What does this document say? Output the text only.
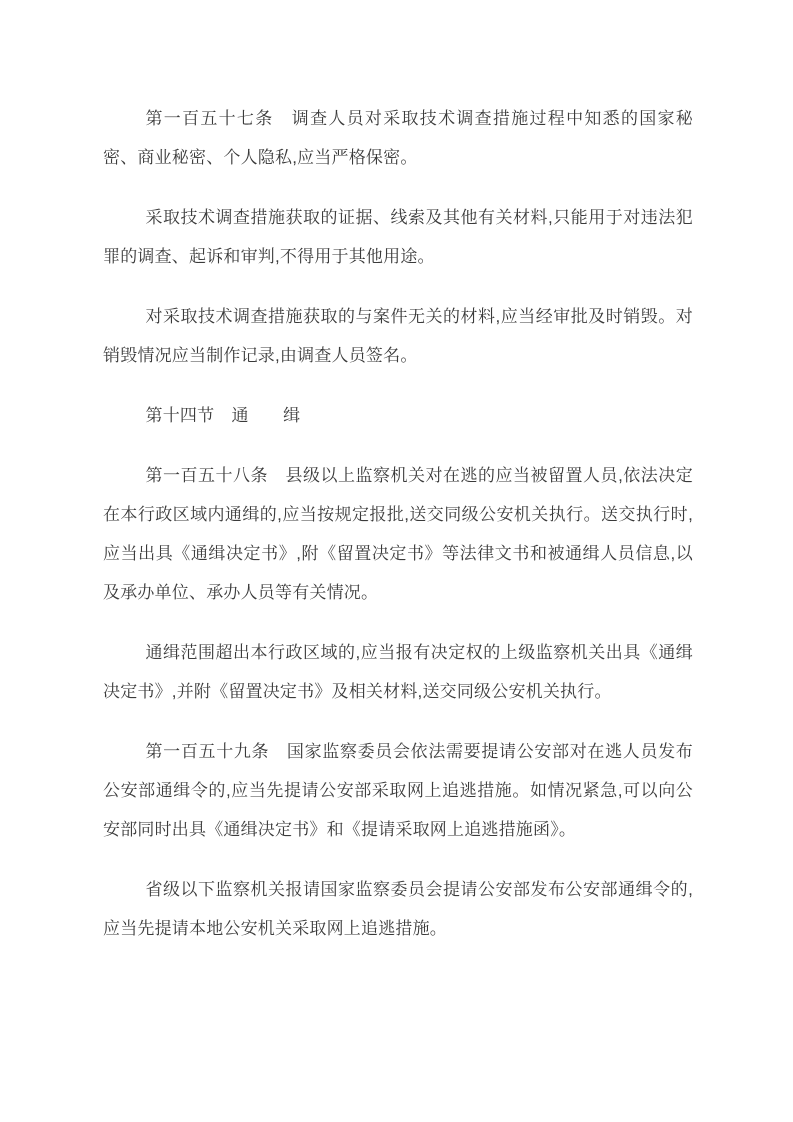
第一百五十七条　调查人员对采取技术调查措施过程中知悉的国家秘密、商业秘密、个人隐私,应当严格保密。

采取技术调查措施获取的证据、线索及其他有关材料,只能用于对违法犯罪的调查、起诉和审判,不得用于其他用途。

对采取技术调查措施获取的与案件无关的材料,应当经审批及时销毁。对销毁情况应当制作记录,由调查人员签名。

第十四节　通　　缉

第一百五十八条　县级以上监察机关对在逃的应当被留置人员,依法决定在本行政区域内通缉的,应当按规定报批,送交同级公安机关执行。送交执行时,应当出具《通缉决定书》,附《留置决定书》等法律文书和被通缉人员信息,以及承办单位、承办人员等有关情况。

通缉范围超出本行政区域的,应当报有决定权的上级监察机关出具《通缉决定书》,并附《留置决定书》及相关材料,送交同级公安机关执行。

第一百五十九条　国家监察委员会依法需要提请公安部对在逃人员发布公安部通缉令的,应当先提请公安部采取网上追逃措施。如情况紧急,可以向公安部同时出具《通缉决定书》和《提请采取网上追逃措施函》。

省级以下监察机关报请国家监察委员会提请公安部发布公安部通缉令的,应当先提请本地公安机关采取网上追逃措施。
